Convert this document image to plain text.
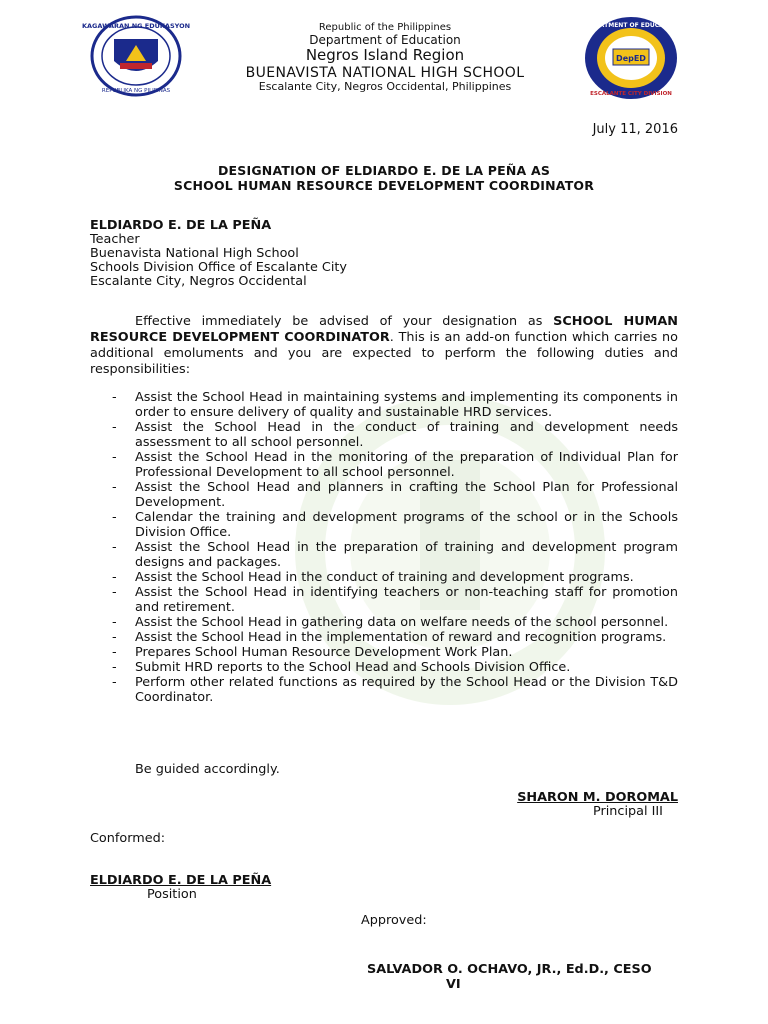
KAGAWARAN NG EDUKASYON
REPUBLIKA NG PILIPINAS
DepED
DEPARTMENT OF EDUCATION
ESCALANTE CITY DIVISION
Republic of the Philippines
Department of Education
Negros Island Region
BUENAVISTA NATIONAL HIGH SCHOOL
Escalante City, Negros Occidental, Philippines
July 11, 2016
DESIGNATION OF ELDIARDO E. DE LA PEÑA AS
SCHOOL HUMAN RESOURCE DEVELOPMENT COORDINATOR
ELDIARDO E. DE LA PEÑA
Teacher
Buenavista National High School
Schools Division Office of Escalante City
Escalante City, Negros Occidental

Effective immediately be advised of your designation as SCHOOL HUMAN RESOURCE DEVELOPMENT COORDINATOR. This is an add-on function which carries no additional emoluments and you are expected to perform the following duties and responsibilities:

- Assist the School Head in maintaining systems and implementing its components in order to ensure delivery of quality and sustainable HRD services.
- Assist the School Head in the conduct of training and development needs assessment to all school personnel.
- Assist the School Head in the monitoring of the preparation of Individual Plan for Professional Development to all school personnel.
- Assist the School Head and planners in crafting the School Plan for Professional Development.
- Calendar the training and development programs of the school or in the Schools Division Office.
- Assist the School Head in the preparation of training and development program designs and packages.
- Assist the School Head in the conduct of training and development programs.
- Assist the School Head in identifying teachers or non-teaching staff for promotion and retirement.
- Assist the School Head in gathering data on welfare needs of the school personnel.
- Assist the School Head in the implementation of reward and recognition programs.
- Prepares School Human Resource Development Work Plan.
- Submit HRD reports to the School Head and Schools Division Office.
- Perform other related functions as required by the School Head or the Division T&D Coordinator.
Be guided accordingly.
SHARON M. DOROMAL
Principal III
Conformed:
ELDIARDO E. DE LA PEÑA
Position
Approved:
SALVADOR O. OCHAVO, JR., Ed.D., CESO
VI
